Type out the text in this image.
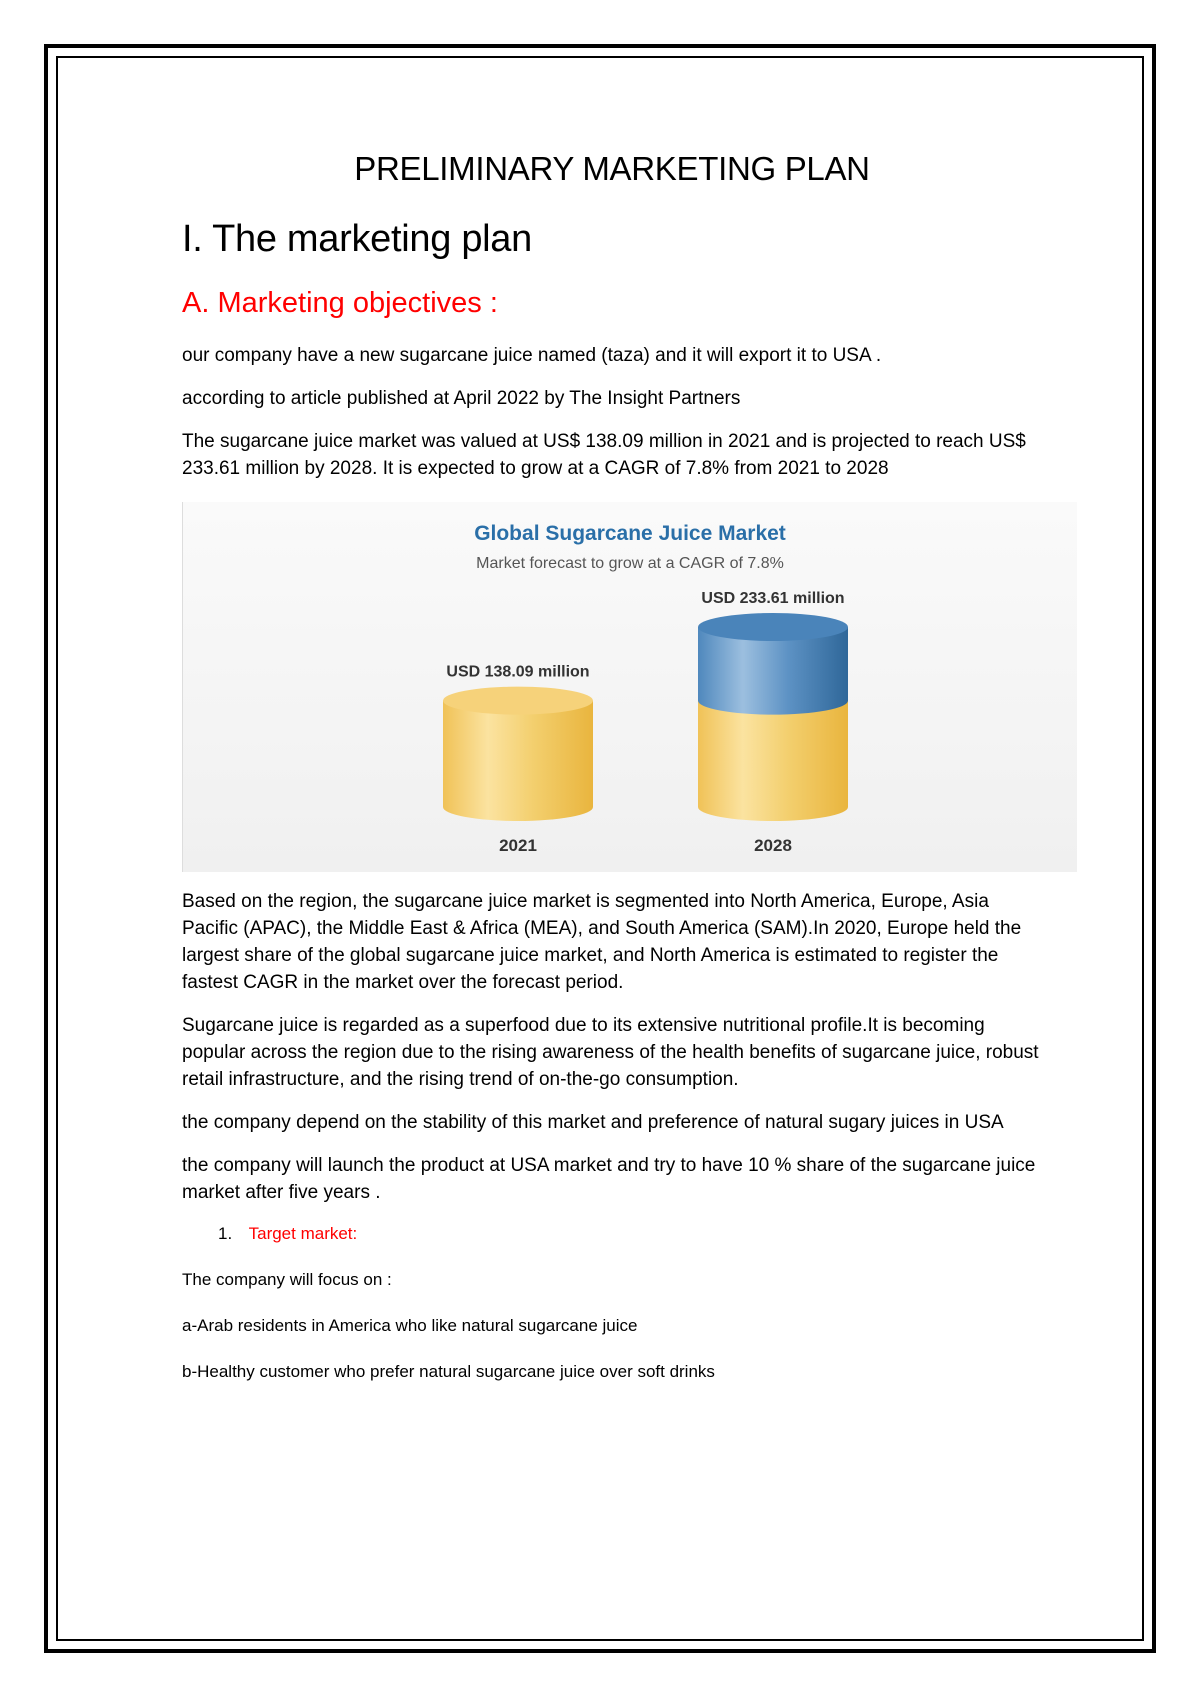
PRELIMINARY MARKETING PLAN
I. The marketing plan
A. Marketing objectives :

our company have a new sugarcane juice named (taza) and it will export it to USA .

according to article published at April 2022 by The Insight Partners

The sugarcane juice market was valued at US$ 138.09 million in 2021 and is projected to reach US$ 233.61 million by 2028. It is expected to grow at a CAGR of 7.8% from 2021 to 2028

Global Sugarcane Juice Market
Market forecast to grow at a CAGR of 7.8%
USD 138.09 million
2021
USD 233.61 million
2028

Based on the region, the sugarcane juice market is segmented into North America, Europe, Asia Pacific (APAC), the Middle East & Africa (MEA), and South America (SAM).In 2020, Europe held the largest share of the global sugarcane juice market, and North America is estimated to register the fastest CAGR in the market over the forecast period.

Sugarcane juice is regarded as a superfood due to its extensive nutritional profile.It is becoming popular across the region due to the rising awareness of the health benefits of sugarcane juice, robust retail infrastructure, and the rising trend of on-the-go consumption.

the company depend on the stability of this market and preference of natural sugary juices in USA

the company will launch the product at USA market and try to have 10 % share of the sugarcane juice market after five years .

1. Target market:

The company will focus on :

a-Arab residents in America who like natural sugarcane juice

b-Healthy customer who prefer natural sugarcane juice over soft drinks
